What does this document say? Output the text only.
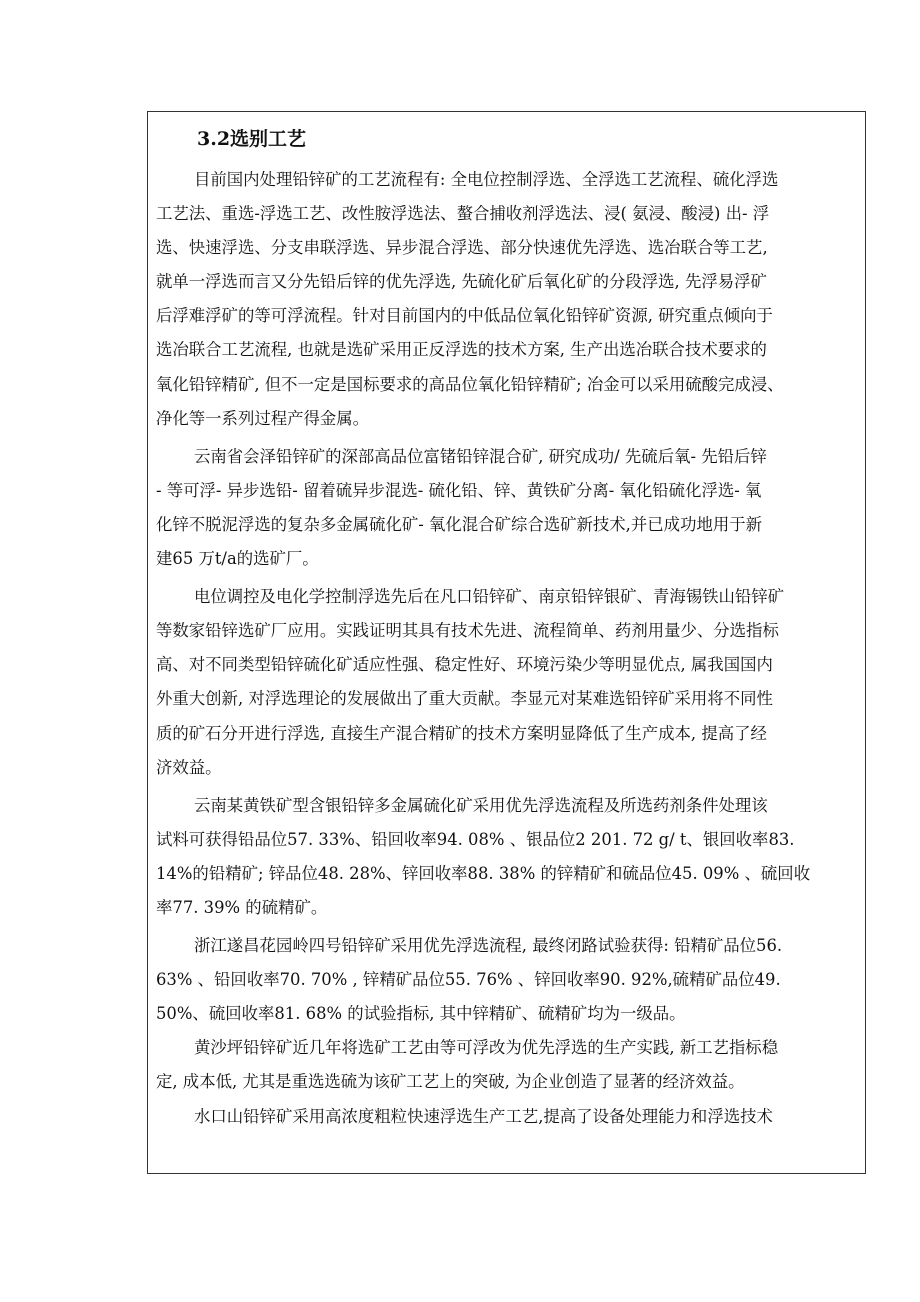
3.2选别工艺
目前国内处理铅锌矿的工艺流程有: 全电位控制浮选、全浮选工艺流程、硫化浮选
工艺法、重选-浮选工艺、改性胺浮选法、螯合捕收剂浮选法、浸( 氨浸、酸浸) 出- 浮
选、快速浮选、分支串联浮选、异步混合浮选、部分快速优先浮选、选冶联合等工艺,
就单一浮选而言又分先铅后锌的优先浮选, 先硫化矿后氧化矿的分段浮选, 先浮易浮矿
后浮难浮矿的等可浮流程。针对目前国内的中低品位氧化铅锌矿资源, 研究重点倾向于
选冶联合工艺流程, 也就是选矿采用正反浮选的技术方案, 生产出选冶联合技术要求的
氧化铅锌精矿, 但不一定是国标要求的高品位氧化铅锌精矿; 冶金可以采用硫酸完成浸、
净化等一系列过程产得金属。
云南省会泽铅锌矿的深部高品位富锗铅锌混合矿, 研究成功/ 先硫后氧- 先铅后锌
- 等可浮- 异步选铅- 留着硫异步混选- 硫化铅、锌、黄铁矿分离- 氧化铅硫化浮选- 氧
化锌不脱泥浮选的复杂多金属硫化矿- 氧化混合矿综合选矿新技术,并已成功地用于新
建65 万t/a的选矿厂。
电位调控及电化学控制浮选先后在凡口铅锌矿、南京铅锌银矿、青海锡铁山铅锌矿
等数家铅锌选矿厂应用。实践证明其具有技术先进、流程简单、药剂用量少、分选指标
高、对不同类型铅锌硫化矿适应性强、稳定性好、环境污染少等明显优点, 属我国国内
外重大创新, 对浮选理论的发展做出了重大贡献。李显元对某难选铅锌矿采用将不同性
质的矿石分开进行浮选, 直接生产混合精矿的技术方案明显降低了生产成本, 提高了经
济效益。
云南某黄铁矿型含银铅锌多金属硫化矿采用优先浮选流程及所选药剂条件处理该
试料可获得铅品位57. 33%、铅回收率94. 08% 、银品位2 201. 72 g/ t、银回收率83.
14%的铅精矿; 锌品位48. 28%、锌回收率88. 38% 的锌精矿和硫品位45. 09% 、硫回收
率77. 39% 的硫精矿。
浙江遂昌花园岭四号铅锌矿采用优先浮选流程, 最终闭路试验获得: 铅精矿品位56.
63% 、铅回收率70. 70% , 锌精矿品位55. 76% 、锌回收率90. 92%,硫精矿品位49.
50%、硫回收率81. 68% 的试验指标, 其中锌精矿、硫精矿均为一级品。
黄沙坪铅锌矿近几年将选矿工艺由等可浮改为优先浮选的生产实践, 新工艺指标稳
定, 成本低, 尤其是重选选硫为该矿工艺上的突破, 为企业创造了显著的经济效益。
水口山铅锌矿采用高浓度粗粒快速浮选生产工艺,提高了设备处理能力和浮选技术
